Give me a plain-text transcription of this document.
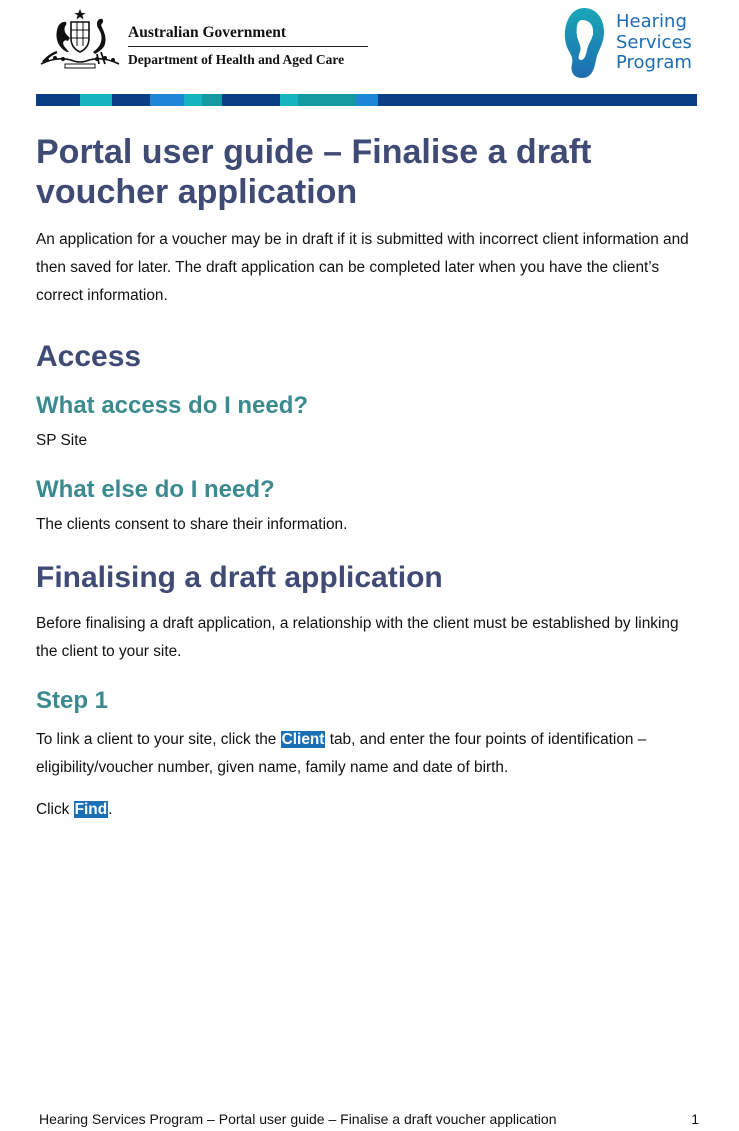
Australian Government
Department of Health and Aged Care
Hearing
Services
Program
Portal user guide – Finalise a draft voucher application

An application for a voucher may be in draft if it is submitted with incorrect client information and then saved for later. The draft application can be completed later when you have the client’s correct information.

Access
What access do I need?

SP Site

What else do I need?

The clients consent to share their information.

Finalising a draft application

Before finalising a draft application, a relationship with the client must be established by linking the client to your site.

Step 1

To link a client to your site, click the Client tab, and enter the four points of identification – eligibility/voucher number, given name, family name and date of birth.

Click Find.

Hearing Services Program – Portal user guide – Finalise a draft voucher application	1
